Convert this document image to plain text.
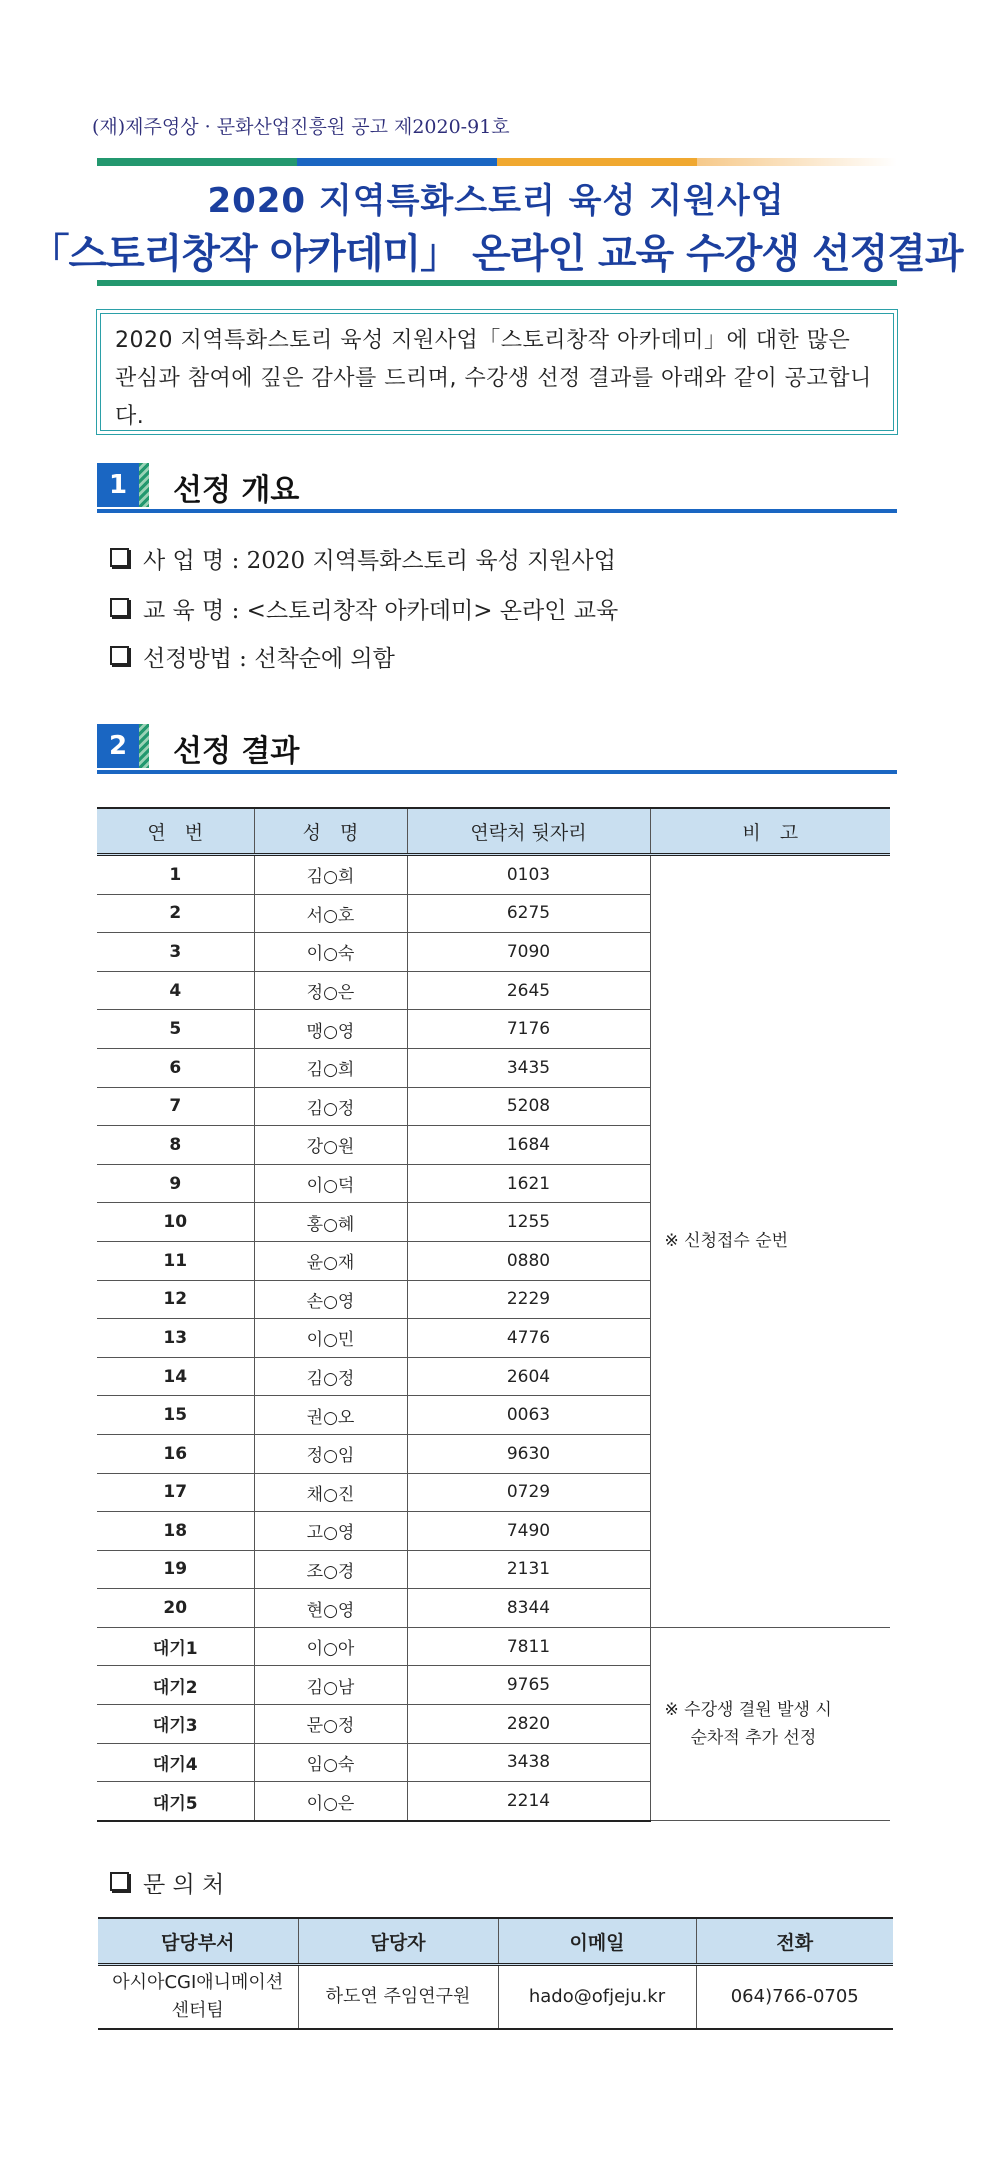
(재)제주영상 · 문화산업진흥원 공고 제2020-91호
2020 지역특화스토리 육성 지원사업
「스토리창작 아카데미」 온라인 교육 수강생 선정결과
2020 지역특화스토리 육성 지원사업「스토리창작 아카데미」에 대한 많은 관심과 참여에 깊은 감사를 드리며, 수강생 선정 결과를 아래와 같이 공고합니다.
1	선정 개요
사 업 명 : 2020 지역특화스토리 육성 지원사업
교 육 명 : <스토리창작 아카데미> 온라인 교육
선정방법 : 선착순에 의함
2	선정 결과
연　번	성　명	연락처 뒷자리	비　고
1	김○희	0103	※ 신청접수 순번
2	서○호	6275	
3	이○숙	7090	
4	정○은	2645	
5	맹○영	7176	
6	김○희	3435	
7	김○정	5208	
8	강○원	1684	
9	이○덕	1621	
10	홍○혜	1255	
11	윤○재	0880	
12	손○영	2229	
13	이○민	4776	
14	김○정	2604	
15	권○오	0063	
16	정○임	9630	
17	채○진	0729	
18	고○영	7490	
19	조○경	2131	
20	현○영	8344	
대기1	이○아	7811	※ 수강생 결원 발생 시
순차적 추가 선정

대기2	김○남	9765	
대기3	문○정	2820	
대기4	임○숙	3438	
대기5	이○은	2214	
문 의 처
담당부서	담당자	이메일	전화

아시아CGI애니메이션
센터팀	하도연 주임연구원	hado@ofjeju.kr	064)766-0705
